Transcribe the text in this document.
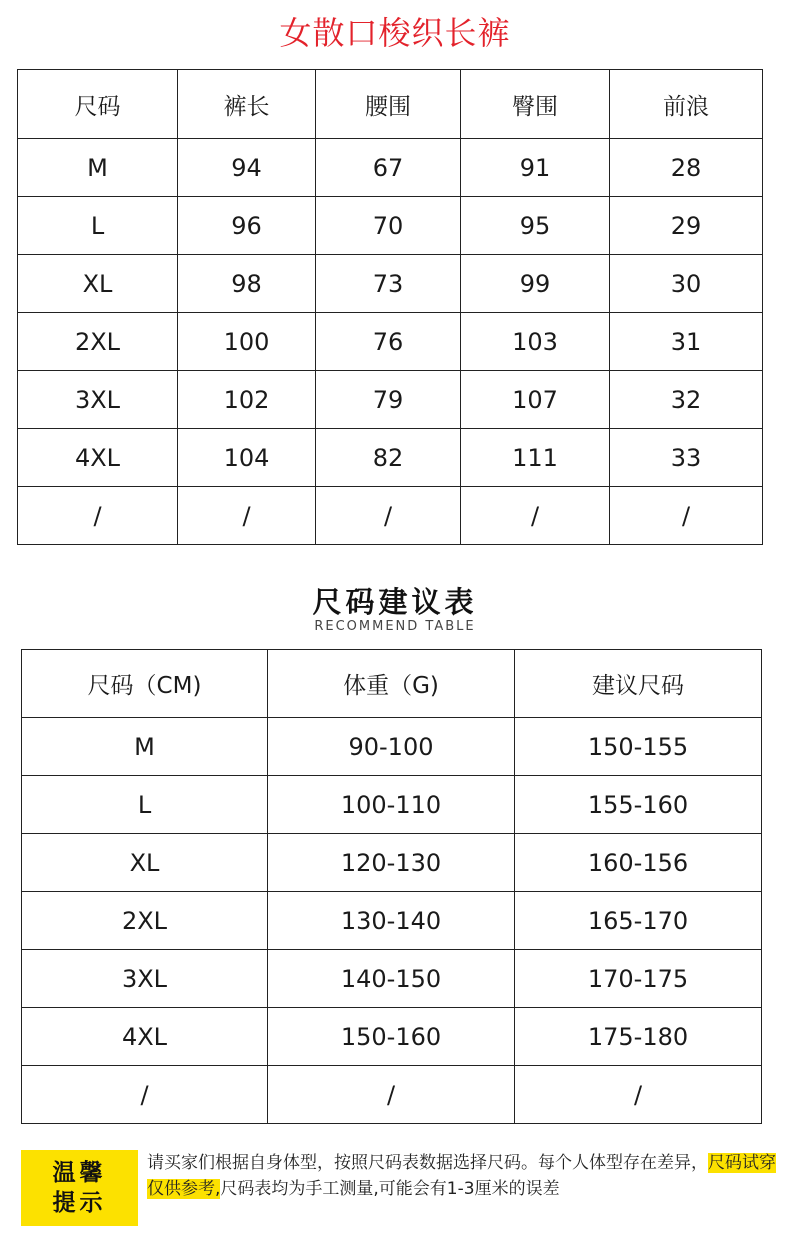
女散口梭织长裤
尺码	裤长	腰围	臀围	前浪
M	94	67	91	28
L	96	70	95	29
XL	98	73	99	30
2XL	100	76	103	31
3XL	102	79	107	32
4XL	104	82	111	33
/	/	/	/	/
尺码建议表
RECOMMEND TABLE
尺码（CM)	体重（G)	建议尺码
M	90-100	150-155
L	100-110	155-160
XL	120-130	160-156
2XL	130-140	165-170
3XL	140-150	170-175
4XL	150-160	175-180
/	/	/
温馨
提示
请买家们根据自身体型，按照尺码表数据选择尺码。每个人体型存在差异，尺码试穿仅供参考,尺码表均为手工测量,可能会有1-3厘米的误差
